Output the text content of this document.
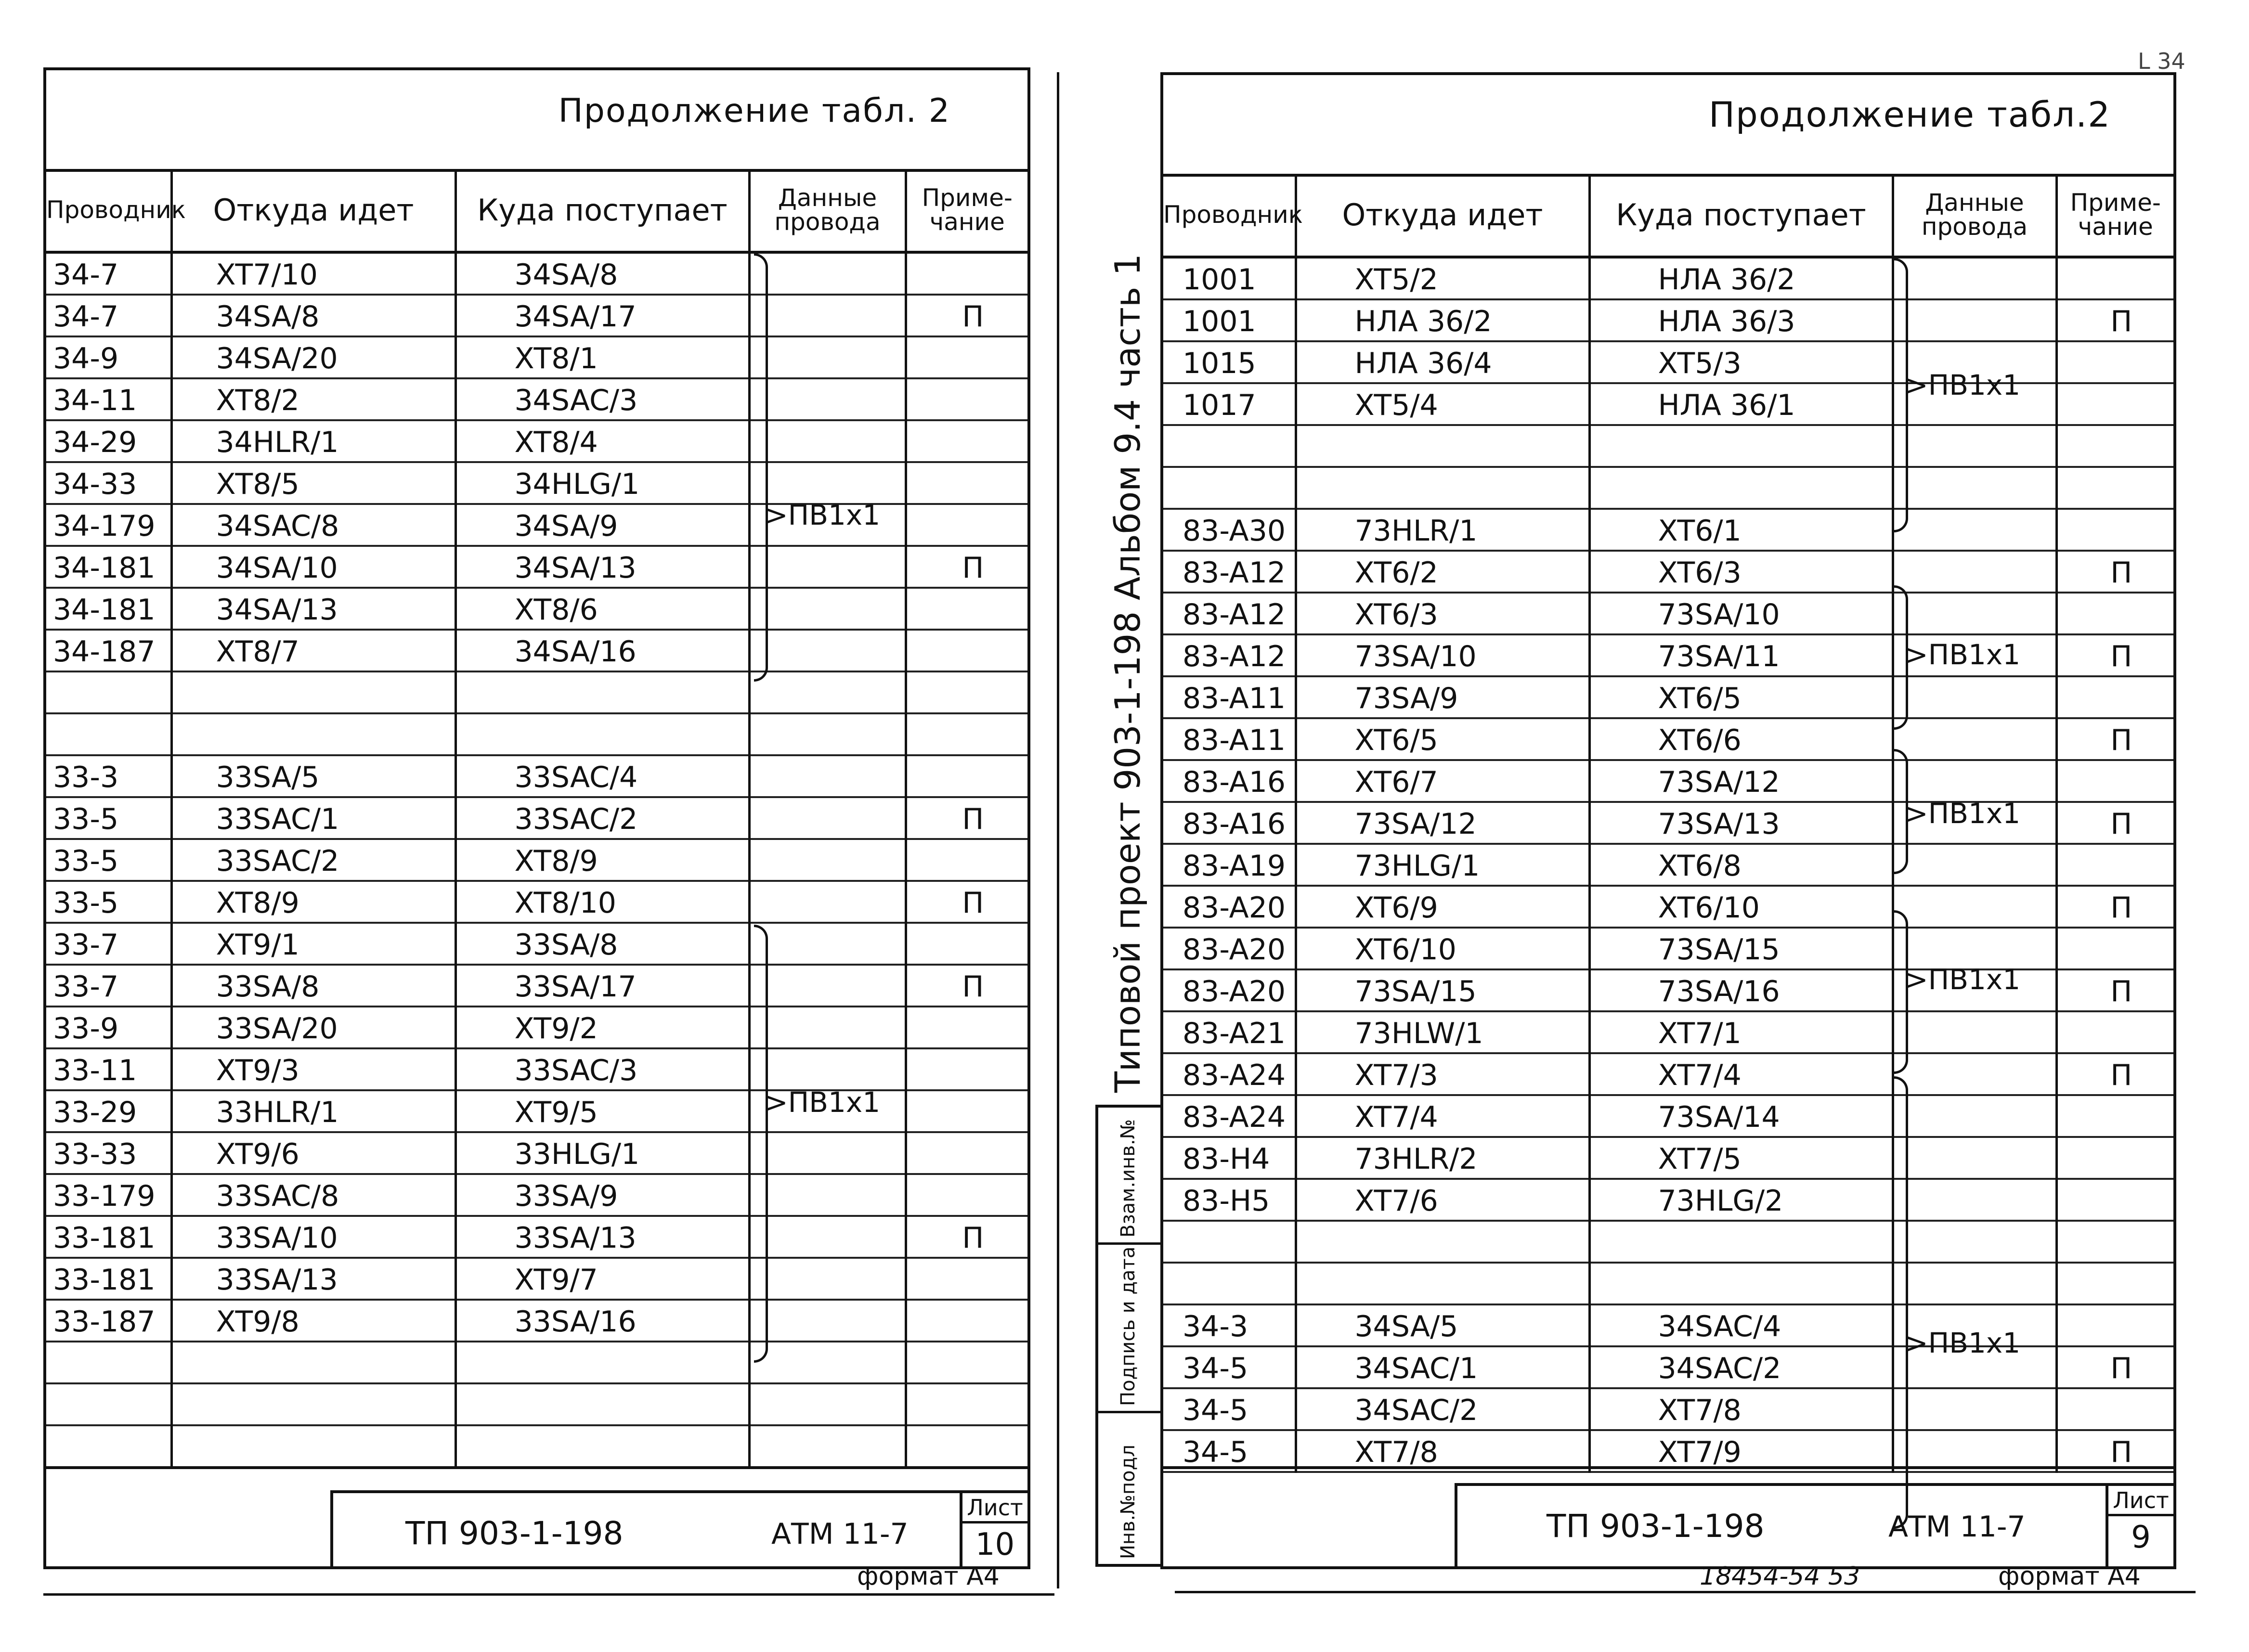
Продолжение табл. 2
Проводник	Откуда идет	Куда поступает	Данные провода	Приме-чание
34-7	XT7/10	34SA/8		
34-7	34SA/8	34SA/17		П
34-9	34SA/20	XT8/1		
34-11	XT8/2	34SAC/3		
34-29	34HLR/1	XT8/4		
34-33	XT8/5	34HLG/1		
34-179	34SAC/8	34SA/9		
34-181	34SA/10	34SA/13		П
34-181	34SA/13	XT8/6		
34-187	XT8/7	34SA/16		

33-3	33SA/5	33SAC/4		
33-5	33SAC/1	33SAC/2		П
33-5	33SAC/2	XT8/9		
33-5	XT8/9	XT8/10		П
33-7	XT9/1	33SA/8		
33-7	33SA/8	33SA/17		П
33-9	33SA/20	XT9/2		
33-11	XT9/3	33SAC/3		
33-29	33HLR/1	XT9/5		
33-33	XT9/6	33HLG/1		
33-179	33SAC/8	33SA/9		
33-181	33SA/10	33SA/13		П
33-181	33SA/13	XT9/7		
33-187	XT9/8	33SA/16		

>ПВ1х1
>ПВ1х1
ТП 903-1-198	АТМ 11-7
Лист
10
формат А4
Типовой проект 903-1-198 Альбом 9.4 часть 1
Взам.инв.№
Подпись и дата
Инв.№подл
Продолжение табл.2
Проводник	Откуда идет	Куда поступает	Данные провода	Приме-чание
1001	XT5/2	НЛА 36/2		
1001	НЛА 36/2	НЛА 36/3		П
1015	НЛА 36/4	XT5/3		
1017	XT5/4	НЛА 36/1		

83-A30	73HLR/1	XT6/1		
83-A12	XT6/2	XT6/3		П
83-A12	XT6/3	73SA/10		
83-A12	73SA/10	73SA/11		П
83-A11	73SA/9	XT6/5		
83-A11	XT6/5	XT6/6		П
83-A16	XT6/7	73SA/12		
83-A16	73SA/12	73SA/13		П
83-A19	73HLG/1	XT6/8		
83-A20	XT6/9	XT6/10		П
83-A20	XT6/10	73SA/15		
83-A20	73SA/15	73SA/16		П
83-A21	73HLW/1	XT7/1		
83-A24	XT7/3	XT7/4		П
83-A24	XT7/4	73SA/14		
83-H4	73HLR/2	XT7/5		
83-H5	XT7/6	73HLG/2		

34-3	34SA/5	34SAC/4		
34-5	34SAC/1	34SAC/2		П
34-5	34SAC/2	XT7/8		
34-5	XT7/8	XT7/9		П
>ПВ1х1
>ПВ1х1
>ПВ1х1
>ПВ1х1
>ПВ1х1
ТП 903-1-198	АТМ 11-7
Лист
9
18454-54 53	формат А4
L 34
